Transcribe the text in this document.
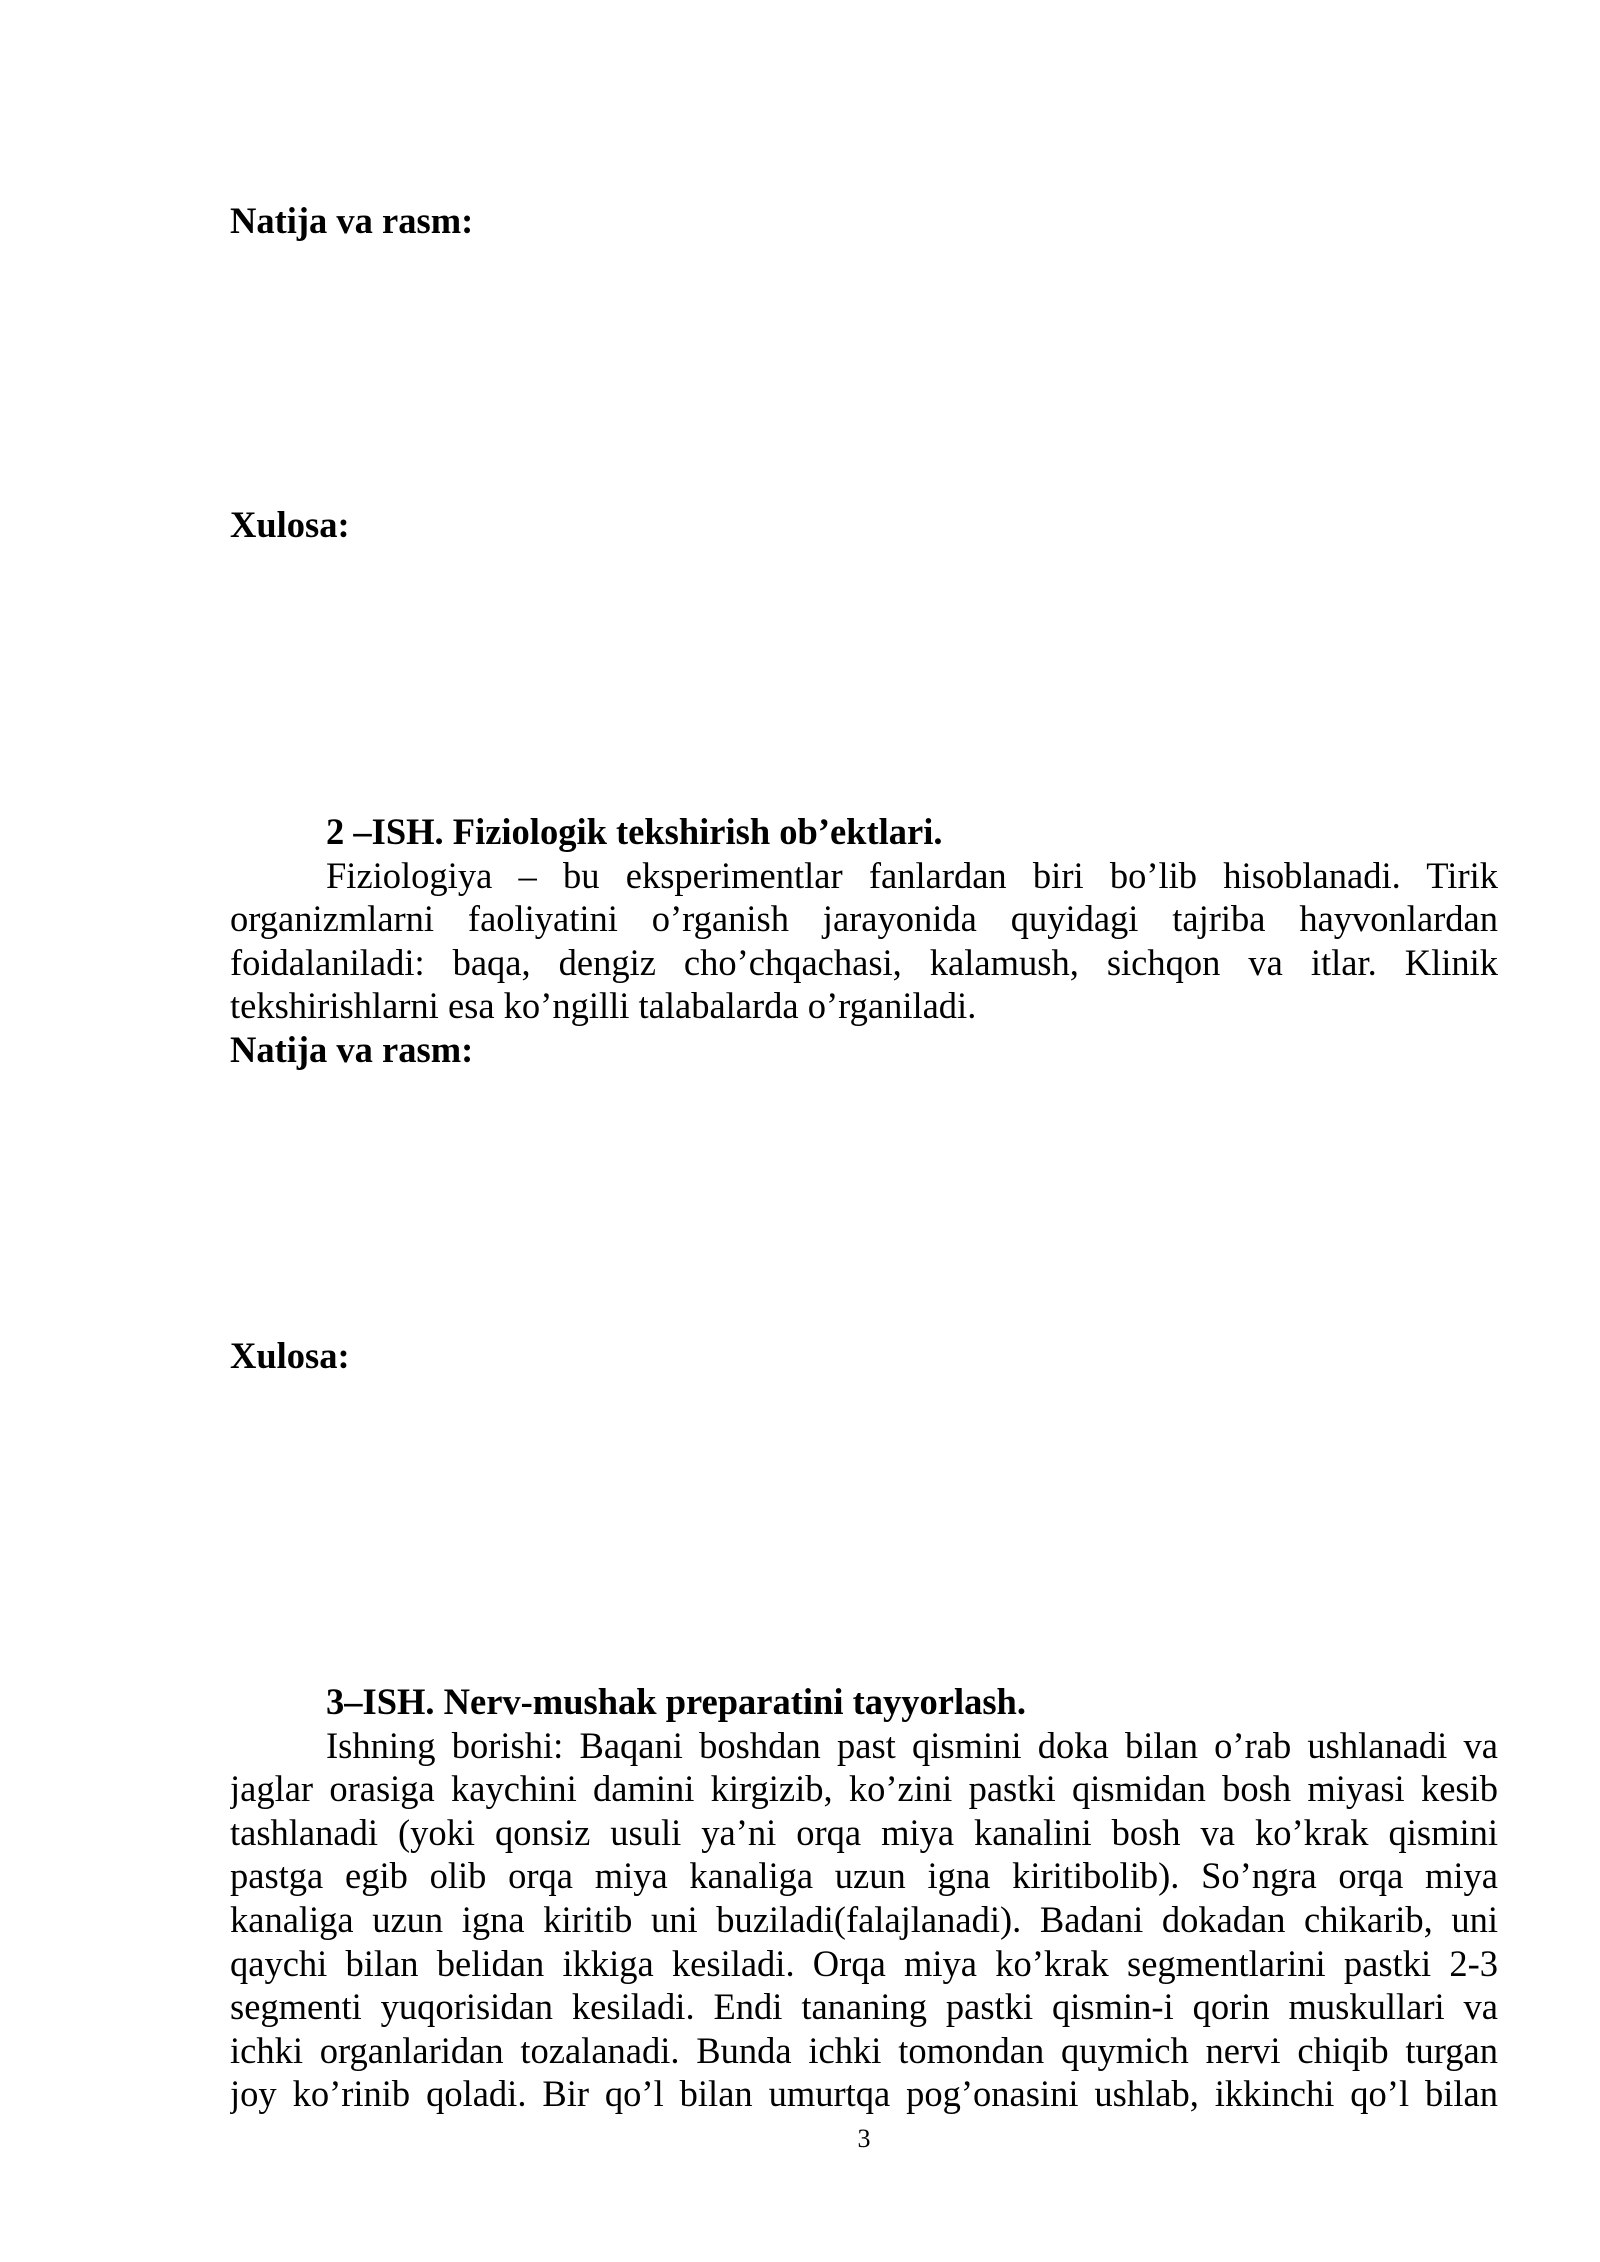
Natija va rasm:
Xulosa:
2 –ISH. Fiziologik tekshirish ob’ektlari.
Fiziologiya – bu eksperimentlar fanlardan biri bo’lib hisoblanadi. Tirik
organizmlarni faoliyatini o’rganish jarayonida quyidagi tajriba hayvonlardan
foidalaniladi: baqa, dengiz cho’chqachasi, kalamush, sichqon va itlar. Klinik
tekshirishlarni esa ko’ngilli talabalarda o’rganiladi.
Natija va rasm:
Xulosa:
3–ISH. Nerv-mushak preparatini tayyorlash.
Ishning borishi: Baqani boshdan past qismini doka bilan o’rab ushlanadi va
jaglar orasiga kaychini damini kirgizib, ko’zini pastki qismidan bosh miyasi kesib
tashlanadi (yoki qonsiz usuli ya’ni orqa miya kanalini bosh va ko’krak qismini
pastga egib olib orqa miya kanaliga uzun igna kiritibolib). So’ngra orqa miya
kanaliga uzun igna kiritib uni buziladi(falajlanadi). Badani dokadan chikarib, uni
qaychi bilan belidan ikkiga kesiladi. Orqa miya ko’krak segmentlarini pastki 2-3
segmenti yuqorisidan kesiladi. Endi tananing pastki qismin-i qorin muskullari va
ichki organlaridan tozalanadi. Bunda ichki tomondan quymich nervi chiqib turgan
joy ko’rinib qoladi. Bir qo’l bilan umurtqa pog’onasini ushlab, ikkinchi qo’l bilan
3
